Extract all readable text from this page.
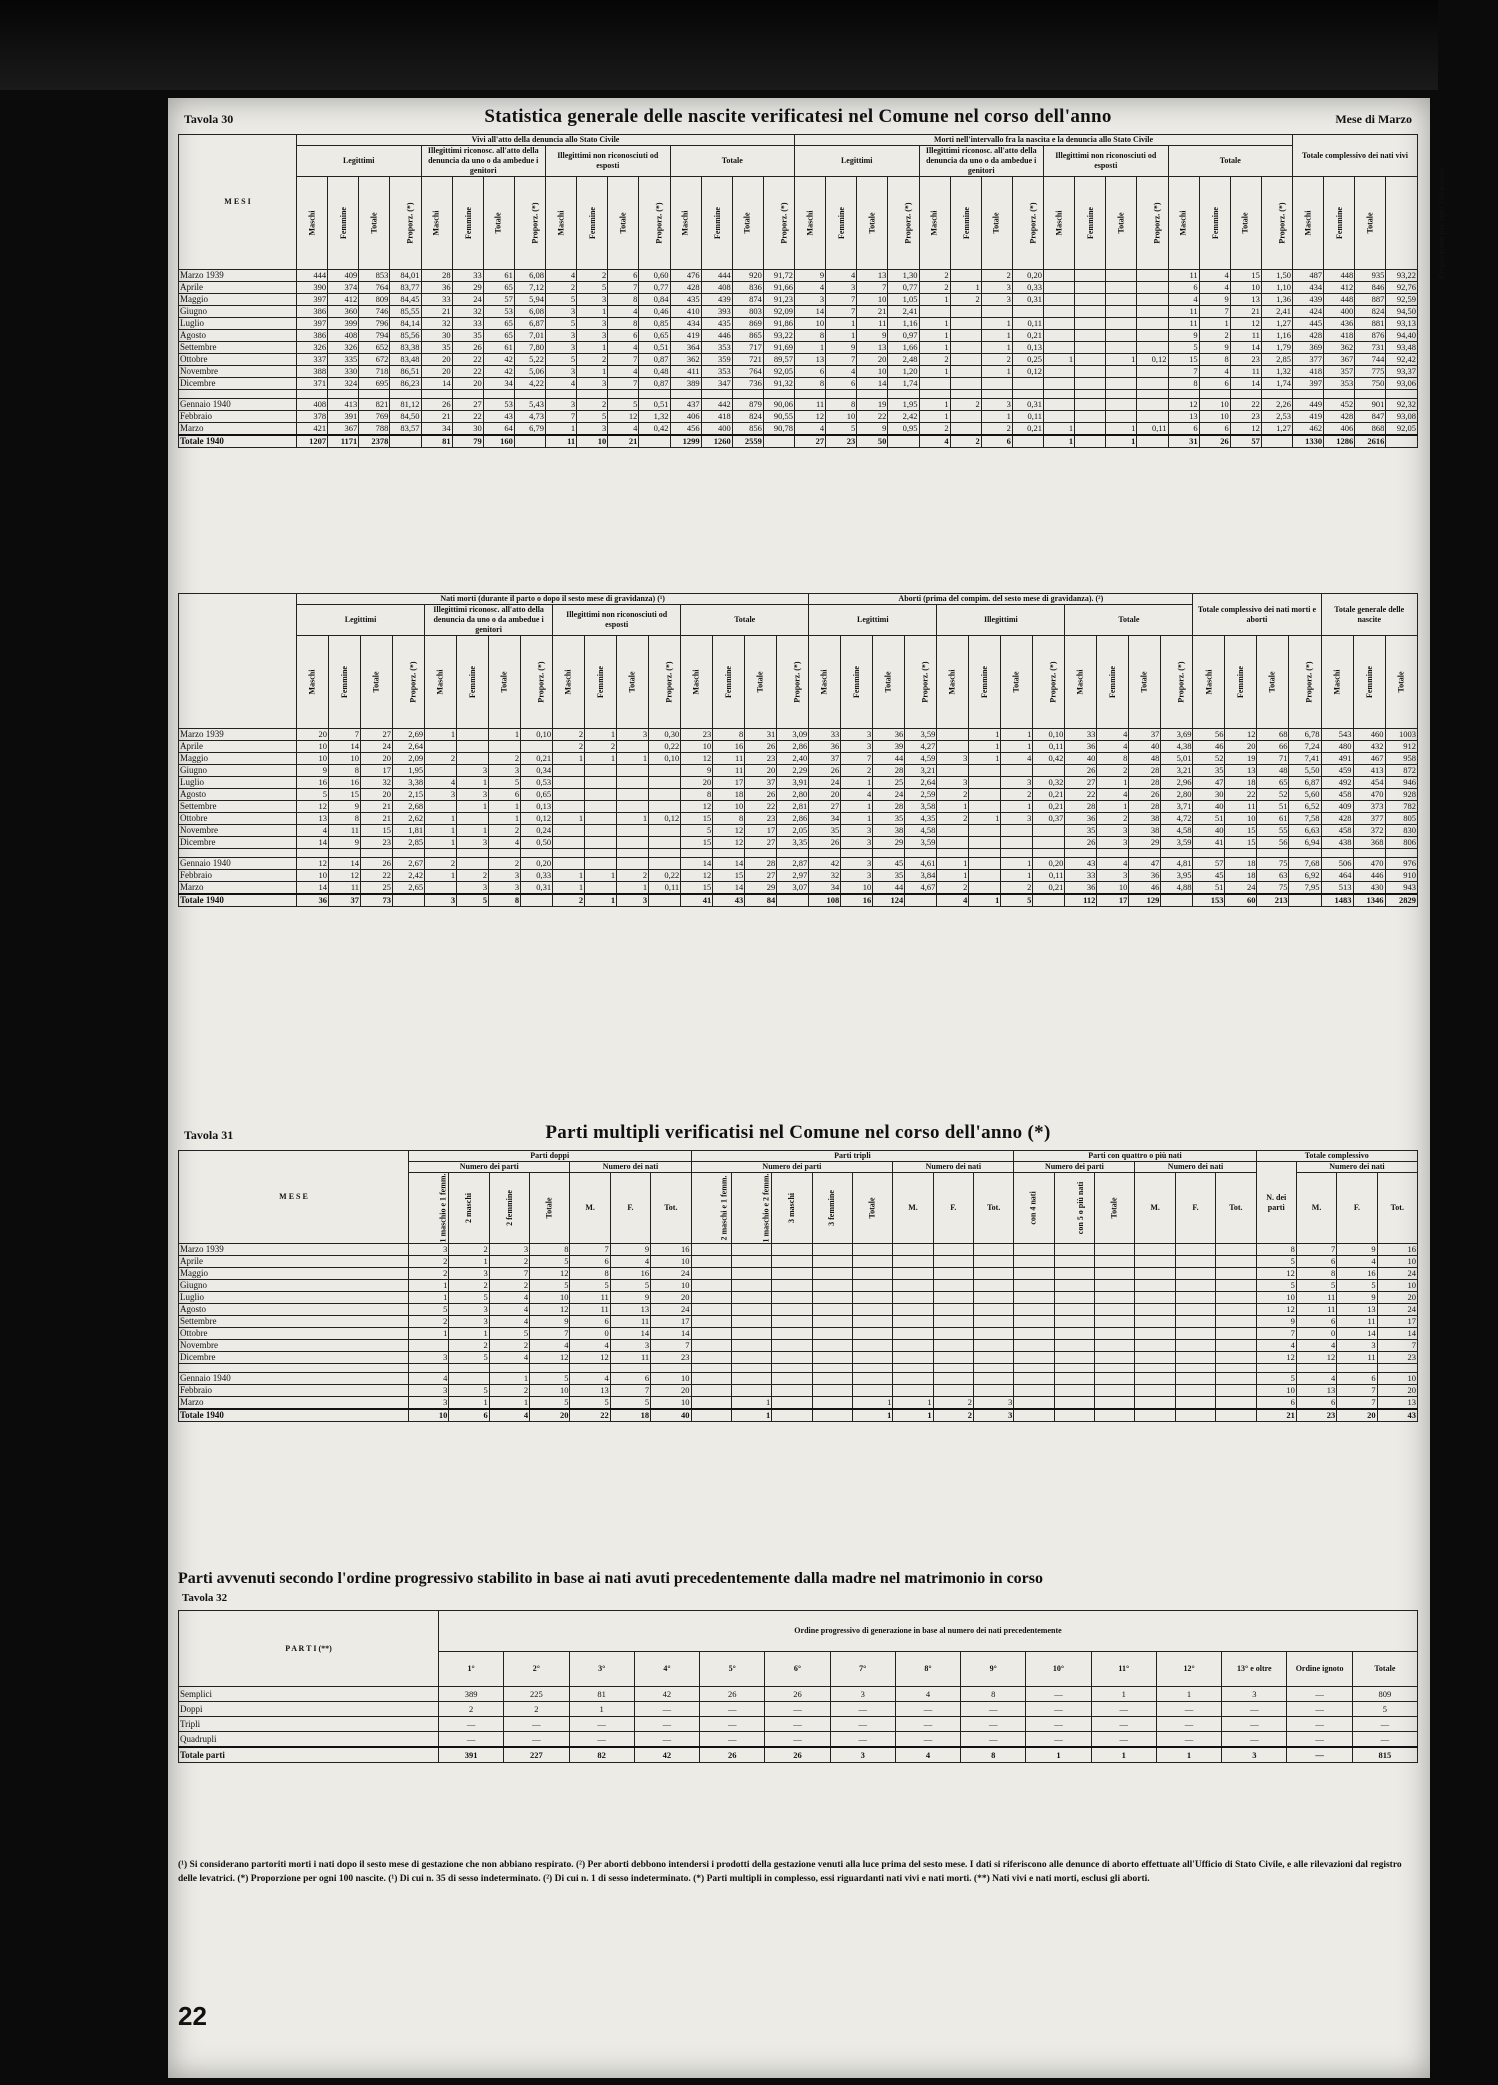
Tavola 30	Statistica generale delle nascite verificatesi nel Comune nel corso dell'anno	Mese di Marzo
M E S I	Vivi all'atto della denuncia allo Stato Civile																Morti nell'intervallo fra la nascita e la denuncia allo Stato Civile																Totale complessivo dei nati vivi			
	Legittimi				Illegittimi riconosc. all'atto della denuncia da uno o da ambedue i genitori				Illegittimi non riconosciuti od esposti				Totale				Legittimi				Illegittimi riconosc. all'atto della denuncia da uno o da ambedue i genitori				Illegittimi non riconosciuti od esposti				Totale							
	Maschi	Femmine	Totale	Proporz. (*)	Maschi	Femmine	Totale	Proporz. (*)	Maschi	Femmine	Totale	Proporz. (*)	Maschi	Femmine	Totale	Proporz. (*)	Maschi	Femmine	Totale	Proporz. (*)	Maschi	Femmine	Totale	Proporz. (*)	Maschi	Femmine	Totale	Proporz. (*)	Maschi	Femmine	Totale	Proporz. (*)	Maschi	Femmine	Totale	Proporzione per ogni 100 nascite
Marzo 1939	444	409	853	84,01	28	33	61	6,08	4	2	6	0,60	476	444	920	91,72	9	4	13	1,30	2		2	0,20					11	4	15	1,50	487	448	935	93,22
Aprile	390	374	764	83,77	36	29	65	7,12	2	5	7	0,77	428	408	836	91,66	4	3	7	0,77	2	1	3	0,33					6	4	10	1,10	434	412	846	92,76
Maggio	397	412	809	84,45	33	24	57	5,94	5	3	8	0,84	435	439	874	91,23	3	7	10	1,05	1	2	3	0,31					4	9	13	1,36	439	448	887	92,59
Giugno	386	360	746	85,55	21	32	53	6,08	3	1	4	0,46	410	393	803	92,09	14	7	21	2,41									11	7	21	2,41	424	400	824	94,50
Luglio	397	399	796	84,14	32	33	65	6,87	5	3	8	0,85	434	435	869	91,86	10	1	11	1,16	1		1	0,11					11	1	12	1,27	445	436	881	93,13
Agosto	386	408	794	85,56	30	35	65	7,01	3	3	6	0,65	419	446	865	93,22	8	1	9	0,97	1		1	0,21					9	2	11	1,16	428	418	876	94,40
Settembre	326	326	652	83,38	35	26	61	7,80	3	1	4	0,51	364	353	717	91,69	1	9	13	1,66	1		1	0,13					5	9	14	1,79	369	362	731	93,48
Ottobre	337	335	672	83,48	20	22	42	5,22	5	2	7	0,87	362	359	721	89,57	13	7	20	2,48	2		2	0,25	1		1	0,12	15	8	23	2,85	377	367	744	92,42
Novembre	388	330	718	86,51	20	22	42	5,06	3	1	4	0,48	411	353	764	92,05	6	4	10	1,20	1		1	0,12					7	4	11	1,32	418	357	775	93,37
Dicembre	371	324	695	86,23	14	20	34	4,22	4	3	7	0,87	389	347	736	91,32	8	6	14	1,74									8	6	14	1,74	397	353	750	93,06

Gennaio 1940	408	413	821	81,12	26	27	53	5,43	3	2	5	0,51	437	442	879	90,06	11	8	19	1,95	1	2	3	0,31					12	10	22	2,26	449	452	901	92,32
Febbraio	378	391	769	84,50	21	22	43	4,73	7	5	12	1,32	406	418	824	90,55	12	10	22	2,42	1		1	0,11					13	10	23	2,53	419	428	847	93,08
Marzo	421	367	788	83,57	34	30	64	6,79	1	3	4	0,42	456	400	856	90,78	4	5	9	0,95	2		2	0,21	1		1	0,11	6	6	12	1,27	462	406	868	92,05
Totale 1940	1207	1171	2378		81	79	160		11	10	21		1299	1260	2559		27	23	50		4	2	6		1		1		31	26	57		1330	1286	2616	
	Nati morti (durante il parto o dopo il sesto mese di gravidanza) (¹)																Aborti (prima del compim. del sesto mese di gravidanza). (²)												Totale complessivo dei nati morti e aborti				Totale generale delle nascite		
	Legittimi				Illegittimi riconosc. all'atto della denuncia da uno o da ambedue i genitori				Illegittimi non riconosciuti od esposti				Totale				Legittimi				Illegittimi				Totale										
	Maschi	Femmine	Totale	Proporz. (*)	Maschi	Femmine	Totale	Proporz. (*)	Maschi	Femmine	Totale	Proporz. (*)	Maschi	Femmine	Totale	Proporz. (*)	Maschi	Femmine	Totale	Proporz. (*)	Maschi	Femmine	Totale	Proporz. (*)	Maschi	Femmine	Totale	Proporz. (*)	Maschi	Femmine	Totale	Proporz. (*)	Maschi	Femmine	Totale
Marzo 1939	20	7	27	2,69	1		1	0,10	2	1	3	0,30	23	8	31	3,09	33	3	36	3,59		1	1	0,10	33	4	37	3,69	56	12	68	6,78	543	460	1003
Aprile	10	14	24	2,64					2	2		0,22	10	16	26	2,86	36	3	39	4,27		1	1	0,11	36	4	40	4,38	46	20	66	7,24	480	432	912
Maggio	10	10	20	2,09	2		2	0,21	1	1	1	0,10	12	11	23	2,40	37	7	44	4,59	3	1	4	0,42	40	8	48	5,01	52	19	71	7,41	491	467	958
Giugno	9	8	17	1,95		3	3	0,34					9	11	20	2,29	26	2	28	3,21					26	2	28	3,21	35	13	48	5,50	459	413	872
Luglio	16	16	32	3,38	4	1	5	0,53					20	17	37	3,91	24	1	25	2,64	3		3	0,32	27	1	28	2,96	47	18	65	6,87	492	454	946
Agosto	5	15	20	2,15	3	3	6	0,65					8	18	26	2,80	20	4	24	2,59	2		2	0,21	22	4	26	2,80	30	22	52	5,60	458	470	928
Settembre	12	9	21	2,68		1	1	0,13					12	10	22	2,81	27	1	28	3,58	1		1	0,21	28	1	28	3,71	40	11	51	6,52	409	373	782
Ottobre	13	8	21	2,62	1		1	0,12	1		1	0,12	15	8	23	2,86	34	1	35	4,35	2	1	3	0,37	36	2	38	4,72	51	10	61	7,58	428	377	805
Novembre	4	11	15	1,81	1	1	2	0,24					5	12	17	2,05	35	3	38	4,58					35	3	38	4,58	40	15	55	6,63	458	372	830
Dicembre	14	9	23	2,85	1	3	4	0,50					15	12	27	3,35	26	3	29	3,59					26	3	29	3,59	41	15	56	6,94	438	368	806

Gennaio 1940	12	14	26	2,67	2		2	0,20					14	14	28	2,87	42	3	45	4,61	1		1	0,20	43	4	47	4,81	57	18	75	7,68	506	470	976
Febbraio	10	12	22	2,42	1	2	3	0,33	1	1	2	0,22	12	15	27	2,97	32	3	35	3,84	1		1	0,11	33	3	36	3,95	45	18	63	6,92	464	446	910
Marzo	14	11	25	2,65		3	3	0,31	1		1	0,11	15	14	29	3,07	34	10	44	4,67	2		2	0,21	36	10	46	4,88	51	24	75	7,95	513	430	943
Totale 1940	36	37	73		3	5	8		2	1	3		41	43	84		108	16	124		4	1	5		112	17	129		153	60	213		1483	1346	2829
Tavola 31	Parti multipli verificatisi nel Comune nel corso dell'anno (*)
M E S E	Parti doppi							Parti tripli								Parti con quattro o più nati						Totale complessivo			
	Numero dei parti				Numero dei nati			Numero dei parti					Numero dei nati			Numero dei parti			Numero dei nati			N. dei parti	Numero dei nati		
	1 maschio e 1 femm.	2 maschi	2 femmine	Totale	M.	F.	Tot.	2 maschi e 1 femm.	1 maschio e 2 femm.	3 maschi	3 femmine	Totale	M.	F.	Tot.	con 4 nati	con 5 o più nati	Totale	M.	F.	Tot.		M.	F.	Tot.
Marzo 1939	3	2	3	8	7	9	16															8	7	9	16
Aprile	2	1	2	5	6	4	10															5	6	4	10
Maggio	2	3	7	12	8	16	24															12	8	16	24
Giugno	1	2	2	5	5	5	10															5	5	5	10
Luglio	1	5	4	10	11	9	20															10	11	9	20
Agosto	5	3	4	12	11	13	24															12	11	13	24
Settembre	2	3	4	9	6	11	17															9	6	11	17
Ottobre	1	1	5	7	0	14	14															7	0	14	14
Novembre		2	2	4	4	3	7															4	4	3	7
Dicembre	3	5	4	12	12	11	23															12	12	11	23

Gennaio 1940	4		1	5	4	6	10															5	4	6	10
Febbraio	3	5	2	10	13	7	20															10	13	7	20
Marzo	3	1	1	5	5	5	10		1			1	1	2	3							6	6	7	13
Totale 1940	10	6	4	20	22	18	40		1			1	1	2	3							21	23	20	43
Parti avvenuti secondo l'ordine progressivo stabilito in base ai nati avuti precedentemente dalla madre nel matrimonio in corso
Tavola 32
P A R T I (**)	Ordine progressivo di generazione in base al numero dei nati precedentemente														
	1°	2°	3°	4°	5°	6°	7°	8°	9°	10°	11°	12°	13° e oltre	Ordine ignoto	Totale
Semplici	389	225	81	42	26	26	3	4	8	—	1	1	3	—	809
Doppi	2	2	1	—	—	—	—	—	—	—	—	—	—	—	5
Tripli	—	—	—	—	—	—	—	—	—	—	—	—	—	—	—
Quadrupli	—	—	—	—	—	—	—	—	—	—	—	—	—	—	—
Totale parti	391	227	82	42	26	26	3	4	8	1	1	1	3	—	815
(¹) Si considerano partoriti morti i nati dopo il sesto mese di gestazione che non abbiano respirato. (²) Per aborti debbono intendersi i prodotti della gestazione venuti alla luce prima del sesto mese. I dati si riferiscono alle denunce di aborto effettuate all'Ufficio di Stato Civile, e alle rilevazioni dal registro delle levatrici. (*) Proporzione per ogni 100 nascite. (¹) Di cui n. 35 di sesso indeterminato. (²) Di cui n. 1 di sesso indeterminato. (*) Parti multipli in complesso, essi riguardanti nati vivi e nati morti. (**) Nati vivi e nati morti, esclusi gli aborti.
22
